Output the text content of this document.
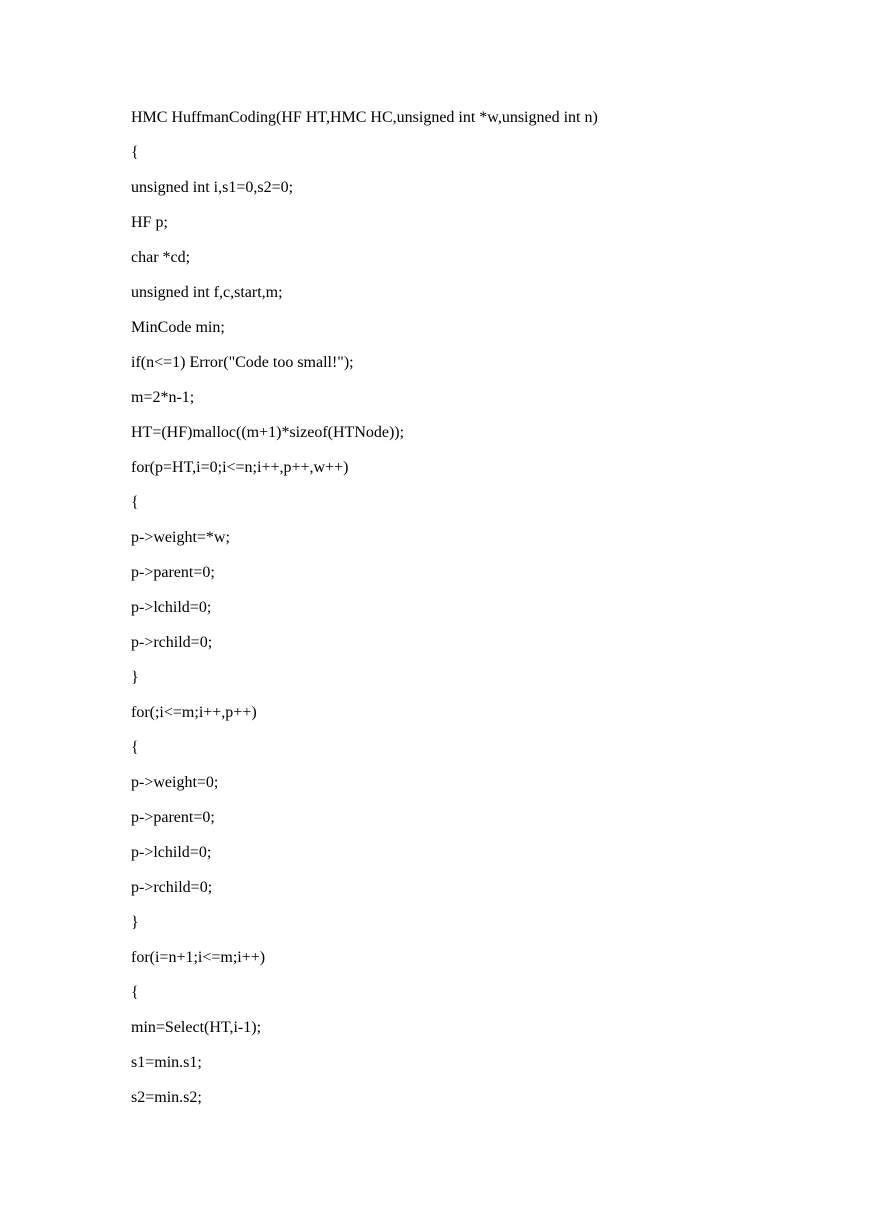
HMC HuffmanCoding(HF HT,HMC HC,unsigned int *w,unsigned int n)
{
unsigned int i,s1=0,s2=0;
HF p;
char *cd;
unsigned int f,c,start,m;
MinCode min;
if(n<=1) Error("Code too small!");
m=2*n-1;
HT=(HF)malloc((m+1)*sizeof(HTNode));
for(p=HT,i=0;i<=n;i++,p++,w++)
{
p->weight=*w;
p->parent=0;
p->lchild=0;
p->rchild=0;
}
for(;i<=m;i++,p++)
{
p->weight=0;
p->parent=0;
p->lchild=0;
p->rchild=0;
}
for(i=n+1;i<=m;i++)
{
min=Select(HT,i-1);
s1=min.s1;
s2=min.s2;
